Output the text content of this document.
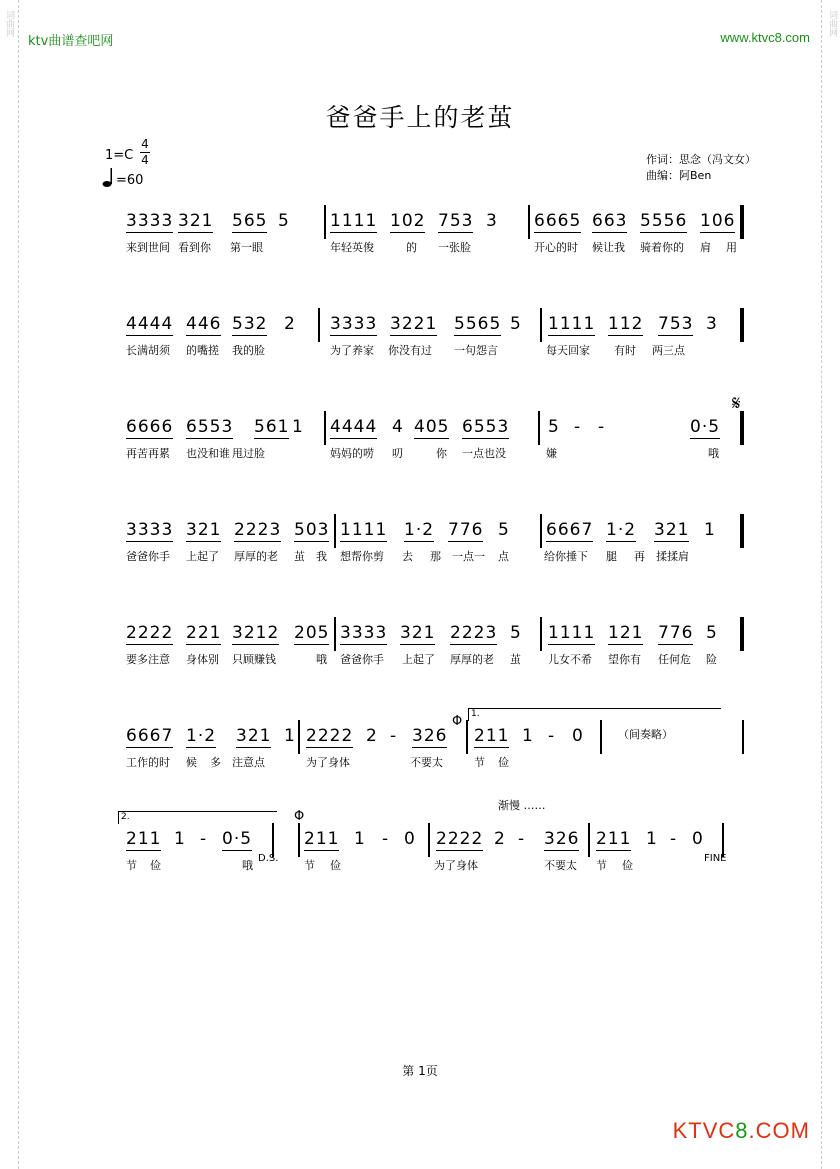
词曲网	词曲网
ktv曲谱查吧网	www.ktvc8.com
爸爸手上的老茧
1=C
4
4
=60
作词：思念（冯文女）
曲编：阿Ben
3333 321 565 5 1111 102 753 3 6665 663 5556 106
来到世间 看到你 第一眼	年轻英俊	的 一张脸	开心的时 候让我 骑着你的 肩 用
4444 446 532 2 3333 3221 5565 5 1111 112 753 3
长满胡须 的嘴搓 我的脸	为了养家 你没有过 一句怨言	每天回家 有时 两三点
6666 6553 561 1 4444 4 405 6553 5 - -	0·5
再苦再累 也没和谁 甩过脸	妈妈的唠 叨	你 一点也没	嫌	哦
𝄋
3333 321 2223 503 1111 1·2 776 5 6667 1·2 321 1
爸爸你手 上起了 厚厚的老 茧 我 想帮你剪 去 那 一点一 点	给你捶下 腿 再 揉揉肩
2222 221 3212 205 3333 321 2223 5 1111 121 776 5
要多注意 身体别 只顾赚钱	哦 爸爸你手 上起了 厚厚的老 茧 儿女不希 望你有 任何危 险
6667 1·2 321 1 2222 2 - 326 211 1 - 0
工作的时 候 多 注意点	为了身体	不要太	节 俭
1.
（间奏略）
Φ
211 1 - 0·5	211 1 - 0 2222 2 - 326 211 1 - 0
节 俭	哦	节 俭	为了身体	不要太 节 俭
2.
D.S.
Φ
渐慢 ……
FINE
第 1页
KTVC8.COM
